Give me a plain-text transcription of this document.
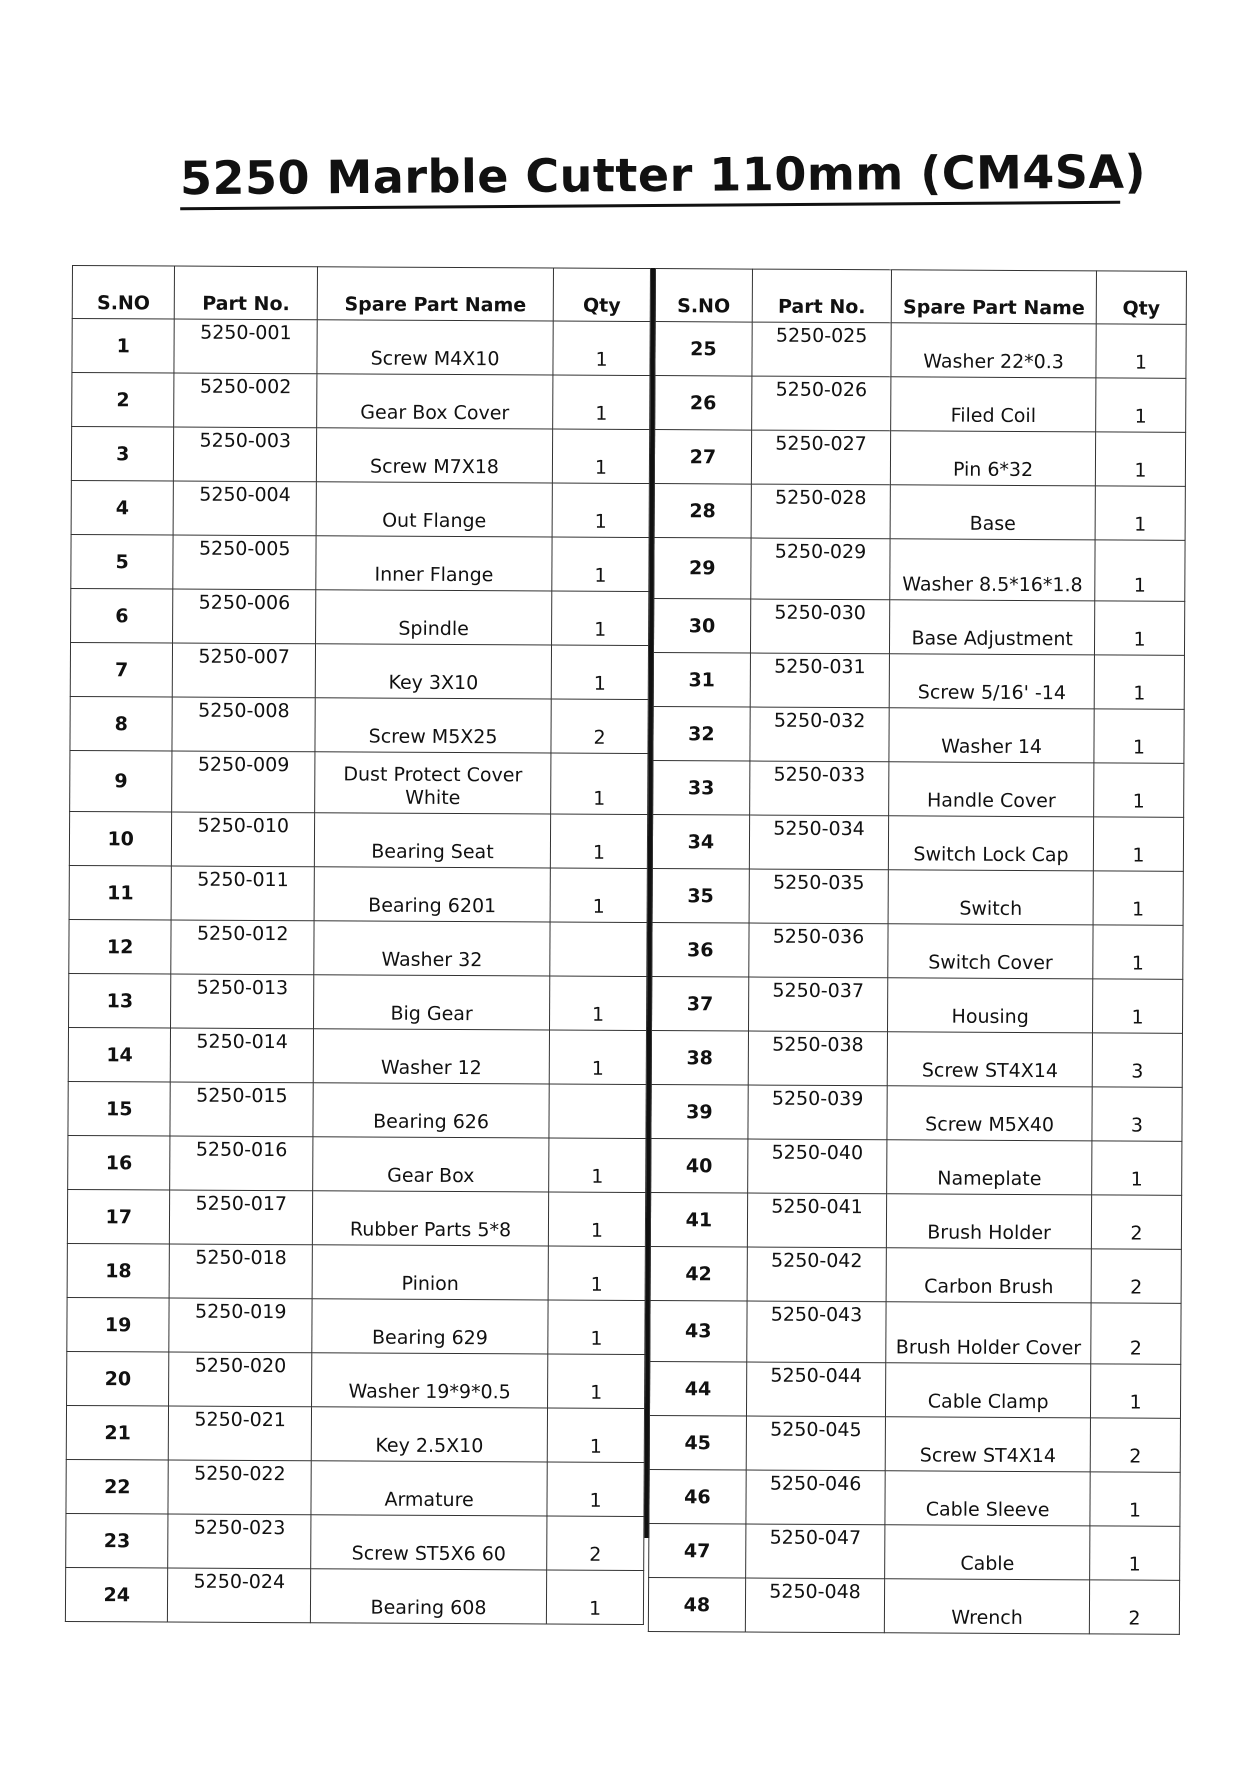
5250 Marble Cutter 110mm (CM4SA)
S.NO	Part No.	Spare Part Name	Qty
1	5250-001	Screw M4X10	1
2	5250-002	Gear Box Cover	1
3	5250-003	Screw M7X18	1
4	5250-004	Out Flange	1
5	5250-005	Inner Flange	1
6	5250-006	Spindle	1
7	5250-007	Key 3X10	1
8	5250-008	Screw M5X25	2
9	5250-009	Dust Protect Cover White	1
10	5250-010	Bearing Seat	1
11	5250-011	Bearing 6201	1
12	5250-012	Washer 32	
13	5250-013	Big Gear	1
14	5250-014	Washer 12	1
15	5250-015	Bearing 626	
16	5250-016	Gear Box	1
17	5250-017	Rubber Parts 5*8	1
18	5250-018	Pinion	1
19	5250-019	Bearing 629	1
20	5250-020	Washer 19*9*0.5	1
21	5250-021	Key 2.5X10	1
22	5250-022	Armature	1
23	5250-023	Screw ST5X6 60	2
24	5250-024	Bearing 608	1
S.NO	Part No.	Spare Part Name	Qty
25	5250-025	Washer 22*0.3	1
26	5250-026	Filed Coil	1
27	5250-027	Pin 6*32	1
28	5250-028	Base	1
29	5250-029	Washer 8.5*16*1.8	1
30	5250-030	Base Adjustment	1
31	5250-031	Screw 5/16' -14	1
32	5250-032	Washer 14	1
33	5250-033	Handle Cover	1
34	5250-034	Switch Lock Cap	1
35	5250-035	Switch	1
36	5250-036	Switch Cover	1
37	5250-037	Housing	1
38	5250-038	Screw ST4X14	3
39	5250-039	Screw M5X40	3
40	5250-040	Nameplate	1
41	5250-041	Brush Holder	2
42	5250-042	Carbon Brush	2
43	5250-043	Brush Holder Cover	2
44	5250-044	Cable Clamp	1
45	5250-045	Screw ST4X14	2
46	5250-046	Cable Sleeve	1
47	5250-047	Cable	1
48	5250-048	Wrench	2
